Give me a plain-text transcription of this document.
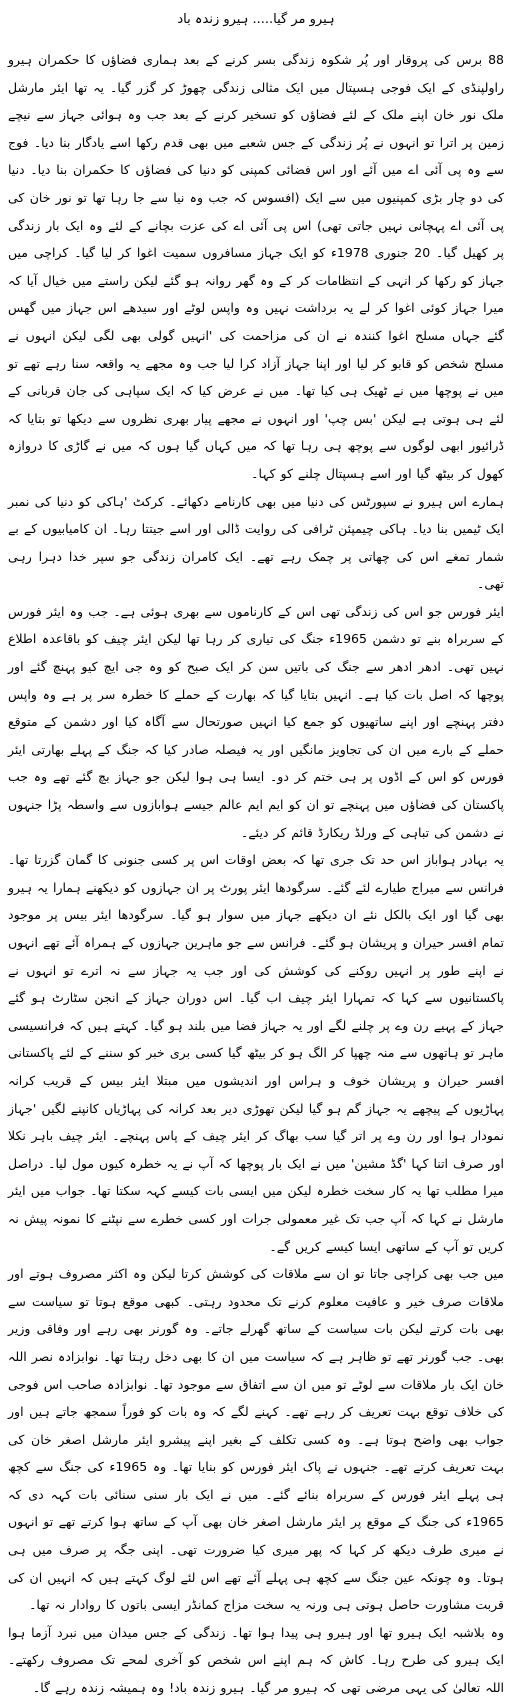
ہیرو مر گیا..... ہیرو زندہ باد

88 برس کی پروقار اور پُر شکوہ زندگی بسر کرنے کے بعد ہماری فضاؤں کا حکمران ہیرو راولپنڈی کے ایک فوجی ہسپتال میں ایک مثالی زندگی چھوڑ کر گزر گیا۔ یہ تھا ایئر مارشل ملک نور خان اپنے ملک کے لئے فضاؤں کو تسخیر کرنے کے بعد جب وہ ہوائی جہاز سے نیچے زمین پر اترا تو انہوں نے پُر زندگی کے جس شعبے میں بھی قدم رکھا اسے یادگار بنا دیا۔ فوج سے وہ پی آئی اے میں آئے اور اس فضائی کمپنی کو دنیا کی فضاؤں کا حکمران بنا دیا۔ دنیا کی دو چار بڑی کمپنیوں میں سے ایک (افسوس کہ جب وہ نیا سے جا رہا تھا تو نور خان کی پی آئی اے پہچانی نہیں جاتی تھی) اس پی آئی اے کی عزت بچانے کے لئے وہ ایک بار زندگی پر کھیل گیا۔ 20 جنوری 1978ء کو ایک جہاز مسافروں سمیت اغوا کر لیا گیا۔ کراچی میں جہاز کو رکھا کر انہی کے انتظامات کر کے وہ گھر روانہ ہو گئے لیکن راستے میں خیال آیا کہ میرا جہاز کوئی اغوا کر لے یہ برداشت نہیں وہ واپس لوٹے اور سیدھے اس جہاز میں گھس گئے جہاں مسلح اغوا کنندہ نے ان کی مزاحمت کی 'انہیں گولی بھی لگی لیکن انہوں نے مسلح شخص کو قابو کر لیا اور اپنا جہاز آزاد کرا لیا جب وہ مجھے یہ واقعہ سنا رہے تھے تو میں نے پوچھا میں نے ٹھیک ہی کیا تھا۔ میں نے عرض کیا کہ ایک سپاہی کی جان قربانی کے لئے ہی ہوتی ہے لیکن 'بس چپ' اور انہوں نے مجھے پیار بھری نظروں سے دیکھا تو بتایا کہ ڈرائیور ابھی لوگوں سے پوچھ ہی رہا تھا کہ میں کہاں گیا ہوں کہ میں نے گاڑی کا دروازہ کھول کر بیٹھ گیا اور اسے ہسپتال چلنے کو کہا۔

ہمارے اس ہیرو نے سپورٹس کی دنیا میں بھی کارنامے دکھائے۔ کرکٹ 'ہاکی کو دنیا کی نمبر ایک ٹیمیں بنا دیا۔ ہاکی چیمپئن ٹرافی کی روایت ڈالی اور اسے جیتتا رہا۔ ان کامیابیوں کے بے شمار تمغے اس کی چھاتی پر چمک رہے تھے۔ ایک کامران زندگی جو سپر خدا دہرا رہی تھی۔

ایئر فورس جو اس کی زندگی تھی اس کے کارناموں سے بھری ہوئی ہے۔ جب وہ ایئر فورس کے سربراہ بنے تو دشمن 1965ء جنگ کی تیاری کر رہا تھا لیکن ایئر چیف کو باقاعدہ اطلاع نہیں تھی۔ ادھر ادھر سے جنگ کی باتیں سن کر ایک صبح کو وہ جی ایچ کیو پہنچ گئے اور پوچھا کہ اصل بات کیا ہے۔ انہیں بتایا گیا کہ بھارت کے حملے کا خطرہ سر پر ہے وہ واپس دفتر پہنچے اور اپنے ساتھیوں کو جمع کیا انہیں صورتحال سے آگاہ کیا اور دشمن کے متوقع حملے کے بارے میں ان کی تجاویز مانگیں اور یہ فیصلہ صادر کیا کہ جنگ کے پہلے بھارتی ایئر فورس کو اس کے اڈوں پر ہی ختم کر دو۔ ایسا ہی ہوا لیکن جو جہاز بچ گئے تھے وہ جب پاکستان کی فضاؤں میں پہنچے تو ان کو ایم ایم عالم جیسے ہوابازوں سے واسطہ پڑا جنہوں نے دشمن کی تباہی کے ورلڈ ریکارڈ قائم کر دیئے۔

یہ بہادر ہواباز اس حد تک جری تھا کہ بعض اوقات اس پر کسی جنونی کا گمان گزرتا تھا۔ فرانس سے میراج طیارے لئے گئے۔ سرگودھا ایئر پورٹ پر ان جہازوں کو دیکھنے ہمارا یہ ہیرو بھی گیا اور ایک بالکل نئے ان دیکھے جہاز میں سوار ہو گیا۔ سرگودھا ایئر بیس پر موجود تمام افسر حیران و پریشان ہو گئے۔ فرانس سے جو ماہرین جہازوں کے ہمراہ آئے تھے انہوں نے اپنے طور پر انہیں روکنے کی کوشش کی اور جب یہ جہاز سے نہ اترے تو انہوں نے پاکستانیوں سے کہا کہ تمہارا ایئر چیف اب گیا۔ اس دوران جہاز کے انجن سٹارٹ ہو گئے جہاز کے پہیے رن وے پر چلنے لگے اور یہ جہاز فضا میں بلند ہو گیا۔ کہتے ہیں کہ فرانسیسی ماہر تو ہاتھوں سے منہ چھپا کر الگ ہو کر بیٹھ گیا کسی بری خبر کو سننے کے لئے پاکستانی افسر حیران و پریشان خوف و ہراس اور اندیشوں میں مبتلا ایئر بیس کے قریب کرانہ پہاڑیوں کے پیچھے یہ جہاز گم ہو گیا لیکن تھوڑی دیر بعد کرانہ کی پہاڑیاں کانپنے لگیں 'جہاز نمودار ہوا اور رن وے پر اتر گیا سب بھاگ کر ایئر چیف کے پاس پہنچے۔ ایئر چیف باہر نکلا اور صرف اتنا کہا 'گڈ مشین' میں نے ایک بار پوچھا کہ آپ نے یہ خطرہ کیوں مول لیا۔ دراصل میرا مطلب تھا یہ کار سخت خطرہ لیکن میں ایسی بات کیسے کہہ سکتا تھا۔ جواب میں ایئر مارشل نے کہا کہ آپ جب تک غیر معمولی جرات اور کسی خطرے سے نپٹنے کا نمونہ پیش نہ کریں تو آپ کے ساتھی ایسا کیسے کریں گے۔

میں جب بھی کراچی جاتا تو ان سے ملاقات کی کوشش کرتا لیکن وہ اکثر مصروف ہوتے اور ملاقات صرف خیر و عافیت معلوم کرنے تک محدود رہتی۔ کبھی موقع ہوتا تو سیاست سے بھی بات کرتے لیکن بات سیاست کے ساتھ گھرلے جاتے۔ وہ گورنر بھی رہے اور وفاقی وزیر بھی۔ جب گورنر تھے تو ظاہر ہے کہ سیاست میں ان کا بھی دخل رہتا تھا۔ نوابزادہ نصر اللہ خان ایک بار ملاقات سے لوٹے تو میں ان سے اتفاق سے موجود تھا۔ نوابزادہ صاحب اس فوجی کی خلاف توقع بہت تعریف کر رہے تھے۔ کہنے لگے کہ وہ بات کو فوراً سمجھ جاتے ہیں اور جواب بھی واضح ہوتا ہے۔ وہ کسی تکلف کے بغیر اپنے پیشرو ایئر مارشل اصغر خان کی بہت تعریف کرتے تھے۔ جنہوں نے پاک ایئر فورس کو بنایا تھا۔ وہ 1965ء کی جنگ سے کچھ ہی پہلے ایئر فورس کے سربراہ بنائے گئے۔ میں نے ایک بار سنی سنائی بات کہہ دی کہ 1965ء کی جنگ کے موقع پر ایئر مارشل اصغر خان بھی آپ کے ساتھ ہوا کرتے تھے تو انہوں نے میری طرف دیکھ کر کہا کہ پھر میری کیا ضرورت تھی۔ اپنی جگہ پر صرف میں ہی ہوتا۔ وہ چونکہ عین جنگ سے کچھ ہی پہلے آئے تھے اس لئے لوگ کہتے ہیں کہ انہیں ان کی قربت مشاورت حاصل ہوتی ہی ورنہ یہ سخت مزاج کمانڈر ایسی باتوں کا روادار نہ تھا۔

وہ بلاشبہ ایک ہیرو تھا اور ہیرو ہی پیدا ہوا تھا۔ زندگی کے جس میدان میں نبرد آزما ہوا ایک ہیرو کی طرح رہا۔ کاش کہ ہم اپنے اس شخص کو آخری لمحے تک مصروف رکھتے۔ اللہ تعالیٰ کی یہی مرضی تھی کہ ہیرو مر گیا۔ ہیرو زندہ باد! وہ ہمیشہ زندہ رہے گا۔
